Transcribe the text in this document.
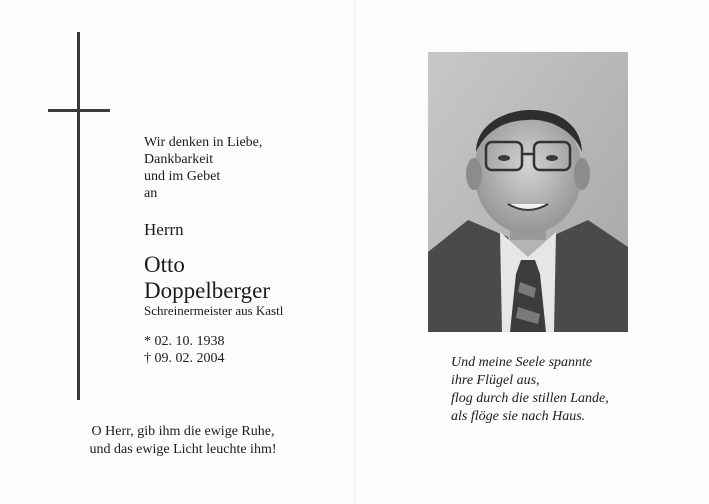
Wir denken in Liebe,
Dankbarkeit
und im Gebet
an
Herrn
Otto
Doppelberger
Schreinermeister aus Kastl
* 02. 10. 1938
† 09. 02. 2004
O Herr, gib ihm die ewige Ruhe,
und das ewige Licht leuchte ihm!
Und meine Seele spannte
ihre Flügel aus,
flog durch die stillen Lande,
als flöge sie nach Haus.
